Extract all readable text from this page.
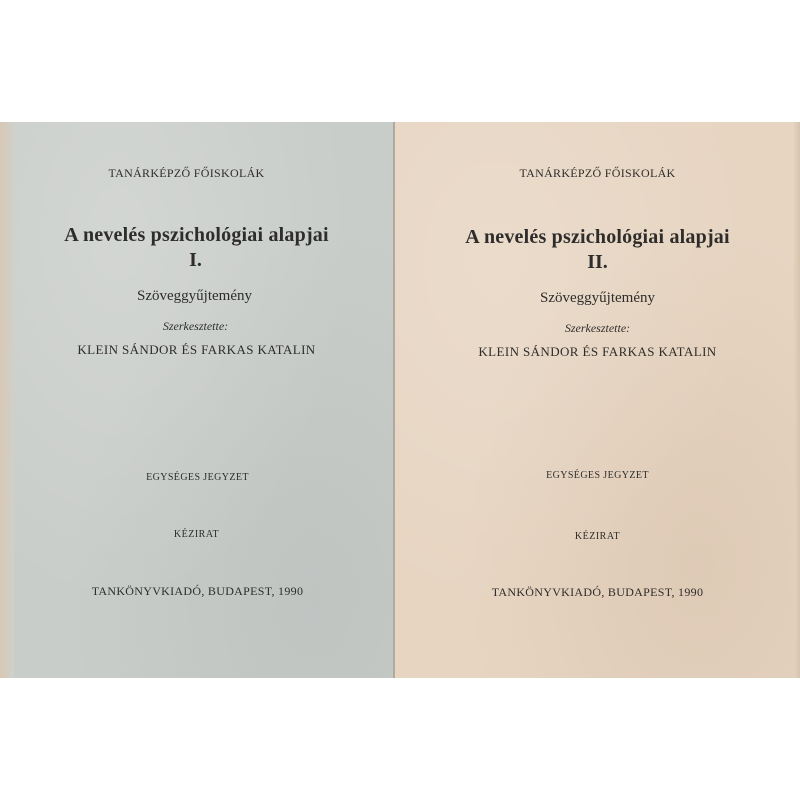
TANÁRKÉPZŐ FŐISKOLÁK
A nevelés pszichológiai alapjai
I.
Szöveggyűjtemény
Szerkesztette:
KLEIN SÁNDOR ÉS FARKAS KATALIN
EGYSÉGES JEGYZET
KÉZIRAT
TANKÖNYVKIADÓ, BUDAPEST, 1990
TANÁRKÉPZŐ FŐISKOLÁK
A nevelés pszichológiai alapjai
II.
Szöveggyűjtemény
Szerkesztette:
KLEIN SÁNDOR ÉS FARKAS KATALIN
EGYSÉGES JEGYZET
KÉZIRAT
TANKÖNYVKIADÓ, BUDAPEST, 1990
